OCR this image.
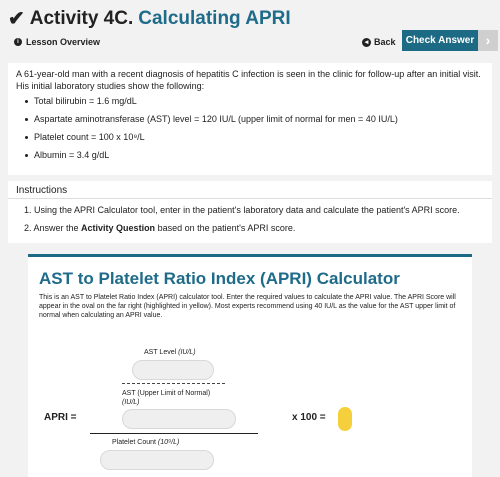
✔ Activity 4C. Calculating APRI
i Lesson Overview	◂ Back	Check Answer ›

A 61-year-old man with a recent diagnosis of hepatitis C infection is seen in the clinic for follow-up after an initial visit. His initial laboratory studies show the following:

Total bilirubin = 1.6 mg/dL
Aspartate aminotransferase (AST) level = 120 IU/L (upper limit of normal for men = 40 IU/L)
Platelet count = 100 x 10⁹/L
Albumin = 3.4 g/dL
Instructions
1. Using the APRI Calculator tool, enter in the patient's laboratory data and calculate the patient's APRI score.
2. Answer the Activity Question based on the patient's APRI score.
AST to Platelet Ratio Index (APRI) Calculator
This is an AST to Platelet Ratio Index (APRI) calculator tool. Enter the required values to calculate the APRI value. The APRI Score will appear in the oval on the far right (highlighted in yellow). Most experts recommend using 40 IU/L as the value for the AST upper limit of normal when calculating an APRI value.
AST Level (IU/L)
AST (Upper Limit of Normal)
(IU/L)
APRI =
Platelet Count (10⁹/L)
x 100 =
